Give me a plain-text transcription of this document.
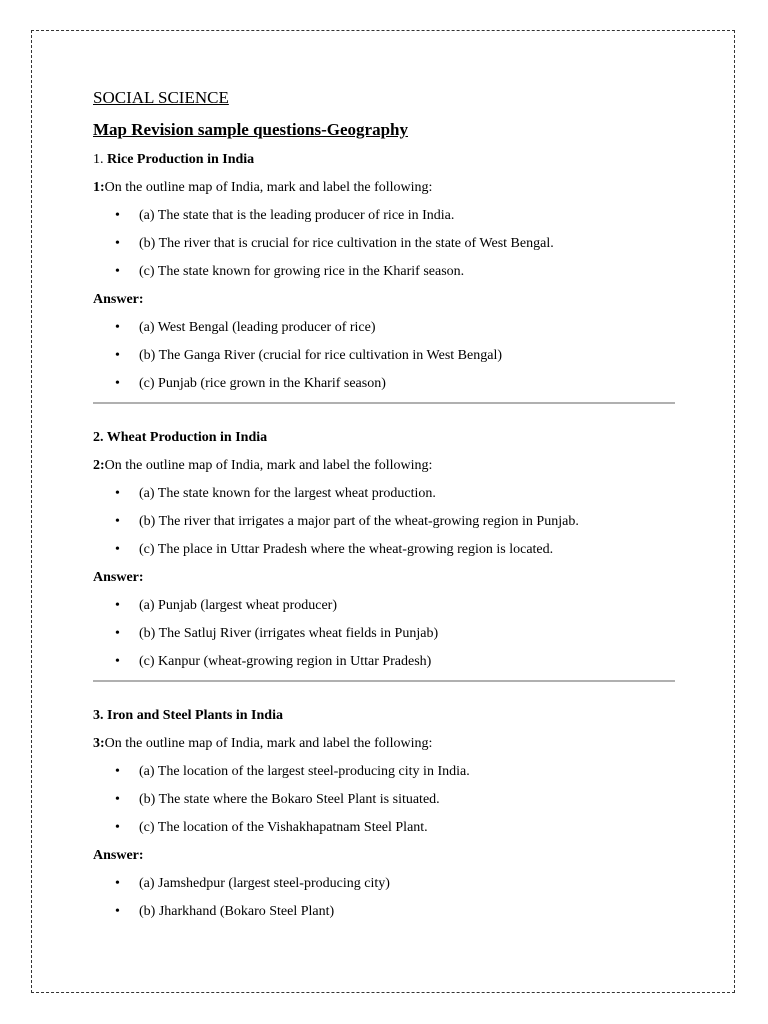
SOCIAL SCIENCE

Map Revision sample questions-Geography

1. Rice Production in India

1:On the outline map of India, mark and label the following:

• (a) The state that is the leading producer of rice in India.
• (b) The river that is crucial for rice cultivation in the state of West Bengal.
• (c) The state known for growing rice in the Kharif season.

Answer:

• (a) West Bengal (leading producer of rice)
• (b) The Ganga River (crucial for rice cultivation in West Bengal)
• (c) Punjab (rice grown in the Kharif season)

2. Wheat Production in India

2:On the outline map of India, mark and label the following:

• (a) The state known for the largest wheat production.
• (b) The river that irrigates a major part of the wheat-growing region in Punjab.
• (c) The place in Uttar Pradesh where the wheat-growing region is located.

Answer:

• (a) Punjab (largest wheat producer)
• (b) The Satluj River (irrigates wheat fields in Punjab)
• (c) Kanpur (wheat-growing region in Uttar Pradesh)

3. Iron and Steel Plants in India

3:On the outline map of India, mark and label the following:

• (a) The location of the largest steel-producing city in India.
• (b) The state where the Bokaro Steel Plant is situated.
• (c) The location of the Vishakhapatnam Steel Plant.

Answer:

• (a) Jamshedpur (largest steel-producing city)
• (b) Jharkhand (Bokaro Steel Plant)
